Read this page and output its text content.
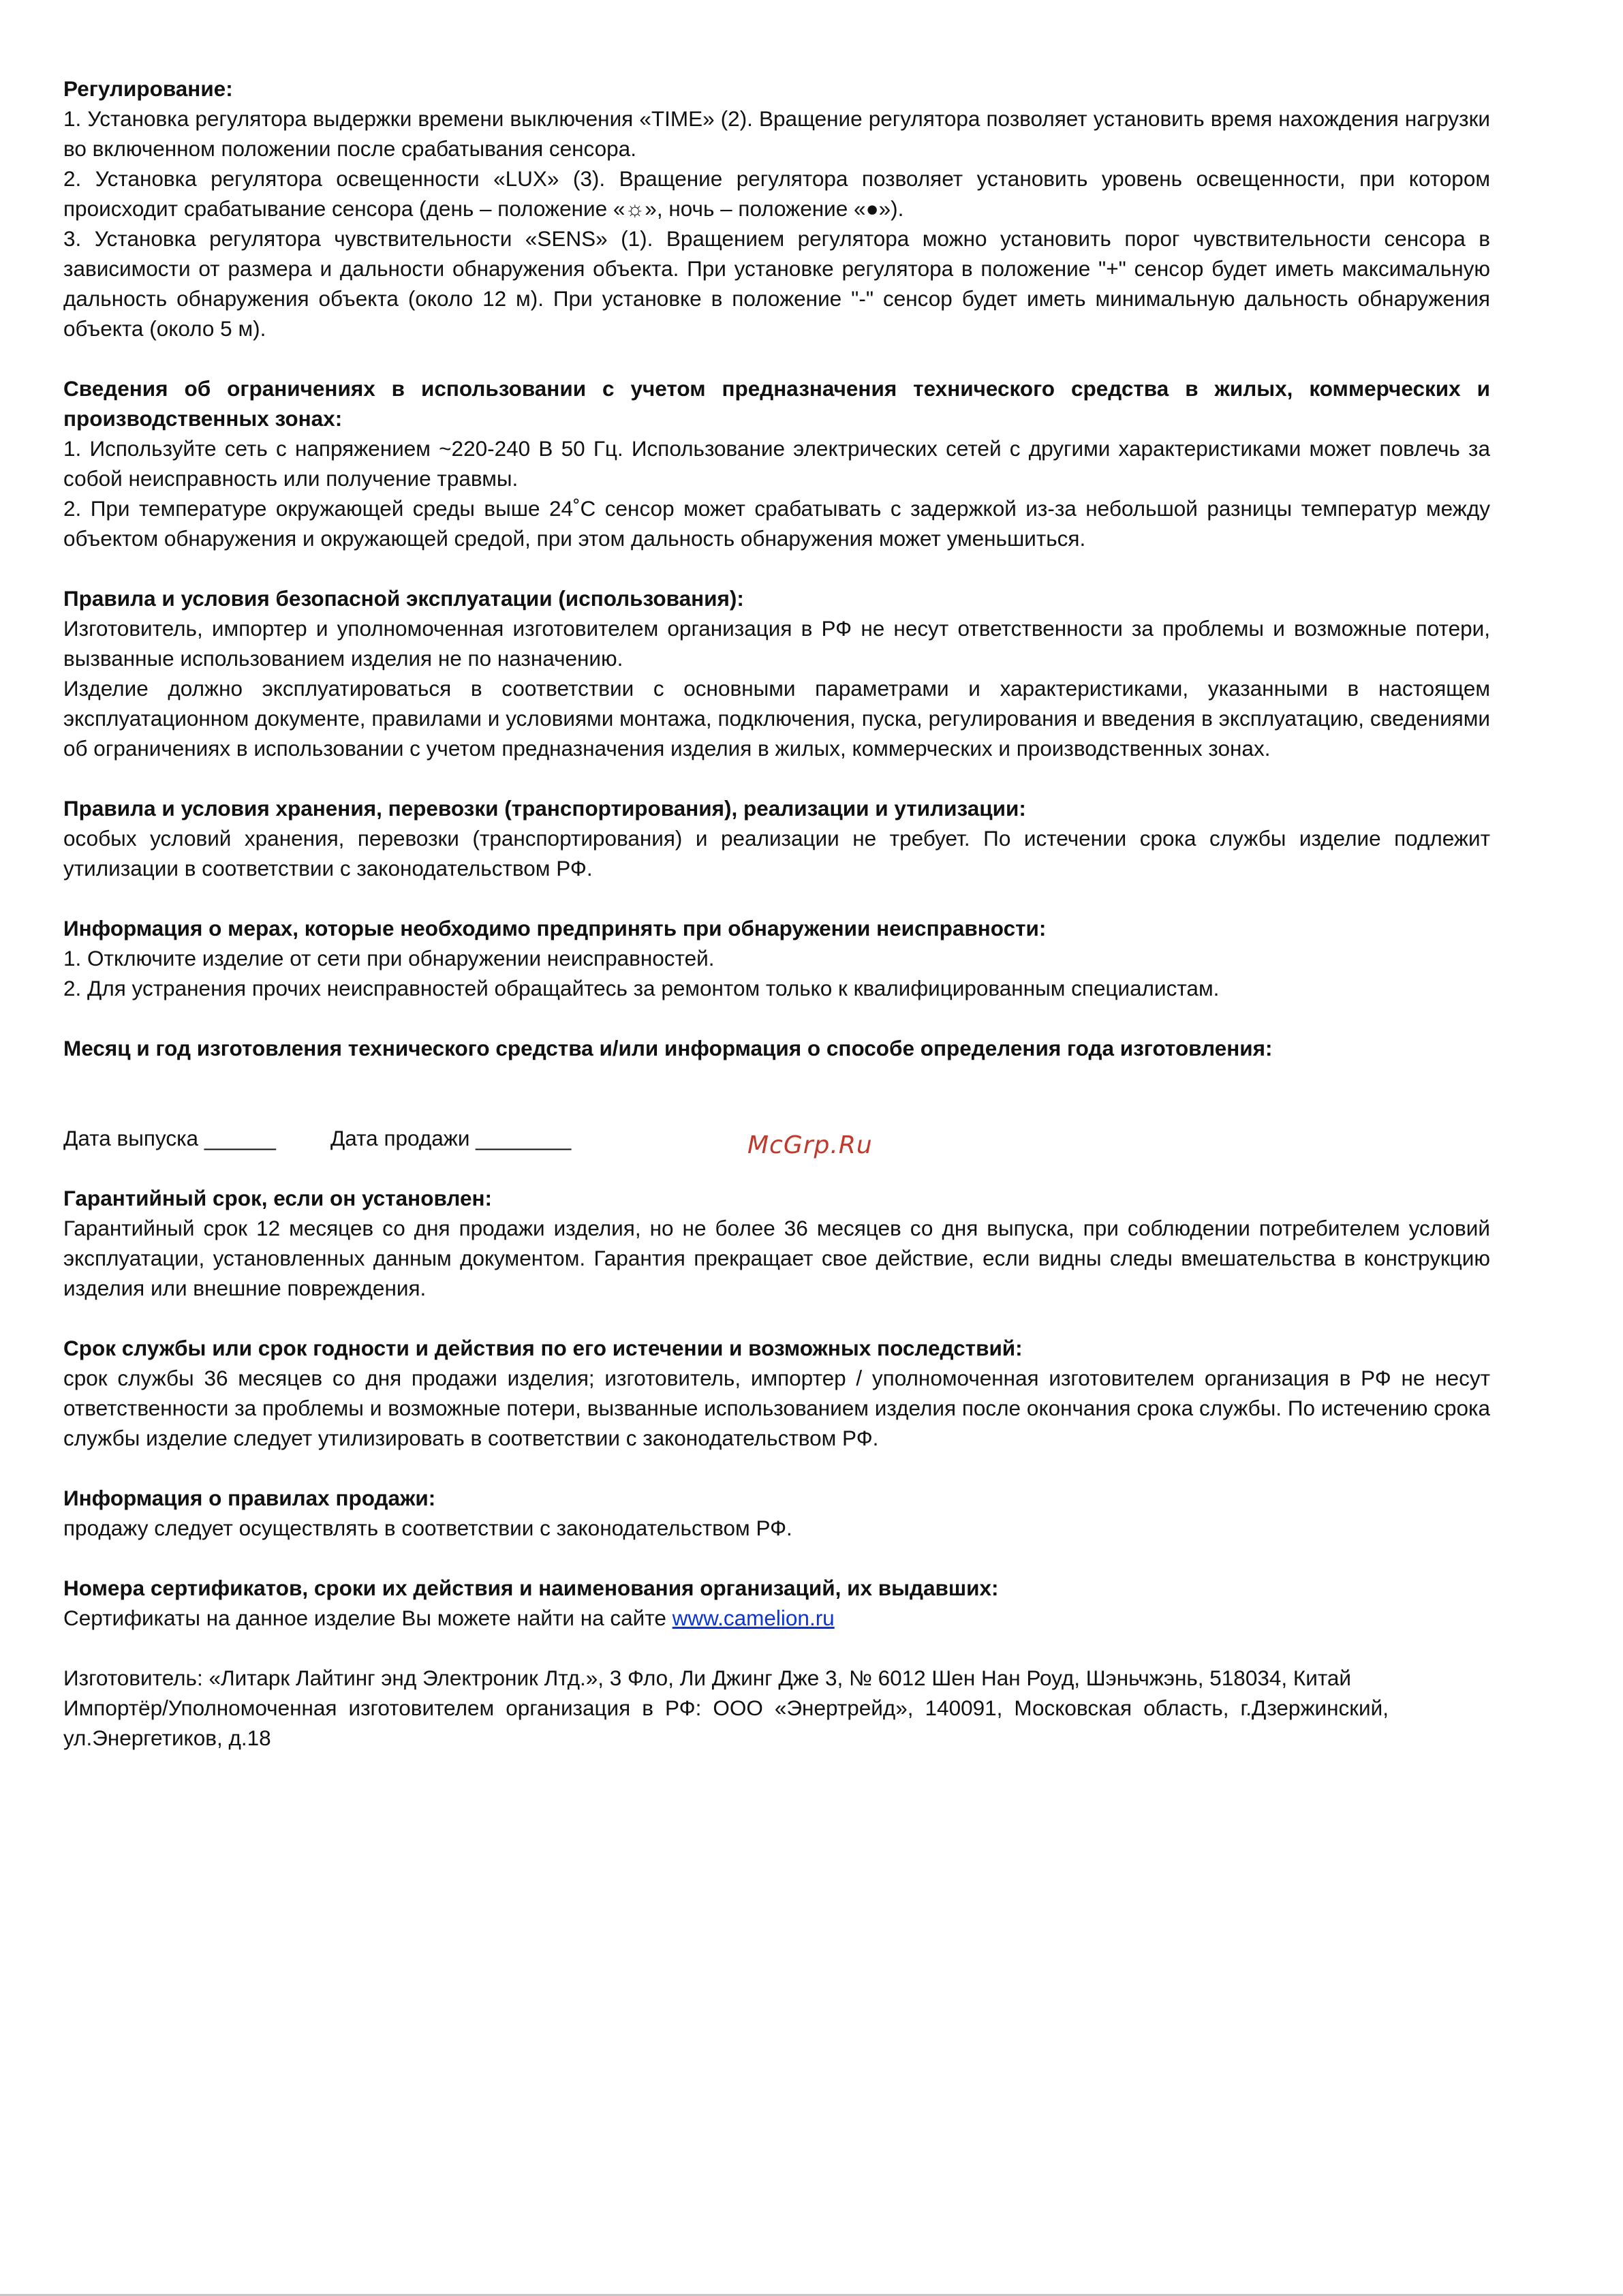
Регулирование:

1. Установка регулятора выдержки времени выключения «TIME» (2). Вращение регулятора позволяет установить время нахождения нагрузки во включенном положении после срабатывания сенсора.

2. Установка регулятора освещенности «LUX» (3). Вращение регулятора позволяет установить уровень освещенности, при котором происходит срабатывание сенсора (день – положение «☼», ночь – положение «●»).

3. Установка регулятора чувствительности «SENS» (1). Вращением регулятора можно установить порог чувствительности сенсора в зависимости от размера и дальности обнаружения объекта. При установке регулятора в положение "+" сенсор будет иметь максимальную дальность обнаружения объекта (около 12 м). При установке в положение "-" сенсор будет иметь минимальную дальность обнаружения объекта (около 5 м).

Сведения об ограничениях в использовании с учетом предназначения технического средства в жилых, коммерческих и производственных зонах:

1. Используйте сеть с напряжением ~220-240 В 50 Гц. Использование электрических сетей с другими характеристиками может повлечь за собой неисправность или получение травмы.

2. При температуре окружающей среды выше 24˚С сенсор может срабатывать с задержкой из-за небольшой разницы температур между объектом обнаружения и окружающей средой, при этом дальность обнаружения может уменьшиться.

Правила и условия безопасной эксплуатации (использования):

Изготовитель, импортер и уполномоченная изготовителем организация в РФ не несут ответственности за проблемы и возможные потери, вызванные использованием изделия не по назначению.

Изделие должно эксплуатироваться в соответствии с основными параметрами и характеристиками, указанными в настоящем эксплуатационном документе, правилами и условиями монтажа, подключения, пуска, регулирования и введения в эксплуатацию, сведениями об ограничениях в использовании с учетом предназначения изделия в жилых, коммерческих и производственных зонах.

Правила и условия хранения, перевозки (транспортирования), реализации и утилизации:

особых условий хранения, перевозки (транспортирования) и реализации не требует. По истечении срока службы изделие подлежит утилизации в соответствии с законодательством РФ.

Информация о мерах, которые необходимо предпринять при обнаружении неисправности:

1. Отключите изделие от сети при обнаружении неисправностей.

2. Для устранения прочих неисправностей обращайтесь за ремонтом только к квалифицированным специалистам.

Месяц и год изготовления технического средства и/или информация о способе определения года изготовления:

Дата выпуска ______	Дата продажи ________

Гарантийный срок, если он установлен:

Гарантийный срок 12 месяцев со дня продажи изделия, но не более 36 месяцев со дня выпуска, при соблюдении потребителем условий эксплуатации, установленных данным документом. Гарантия прекращает свое действие, если видны следы вмешательства в конструкцию изделия или внешние повреждения.

Срок службы или срок годности и действия по его истечении и возможных последствий:

срок службы 36 месяцев со дня продажи изделия; изготовитель, импортер / уполномоченная изготовителем организация в РФ не несут ответственности за проблемы и возможные потери, вызванные использованием изделия после окончания срока службы. По истечению срока службы изделие следует утилизировать в соответствии с законодательством РФ.

Информация о правилах продажи:

продажу следует осуществлять в соответствии с законодательством РФ.

Номера сертификатов, сроки их действия и наименования организаций, их выдавших:

Сертификаты на данное изделие Вы можете найти на сайте www.camelion.ru

Изготовитель: «Литарк Лайтинг энд Электроник Лтд.», 3 Фло, Ли Джинг Дже 3, № 6012 Шен Нан Роуд, Шэньчжэнь, 518034, Китай

Импортёр/Уполномоченная изготовителем организация в РФ: ООО «Энертрейд», 140091, Московская область, г.Дзержинский, ул.Энергетиков, д.18

McGrp.Ru
